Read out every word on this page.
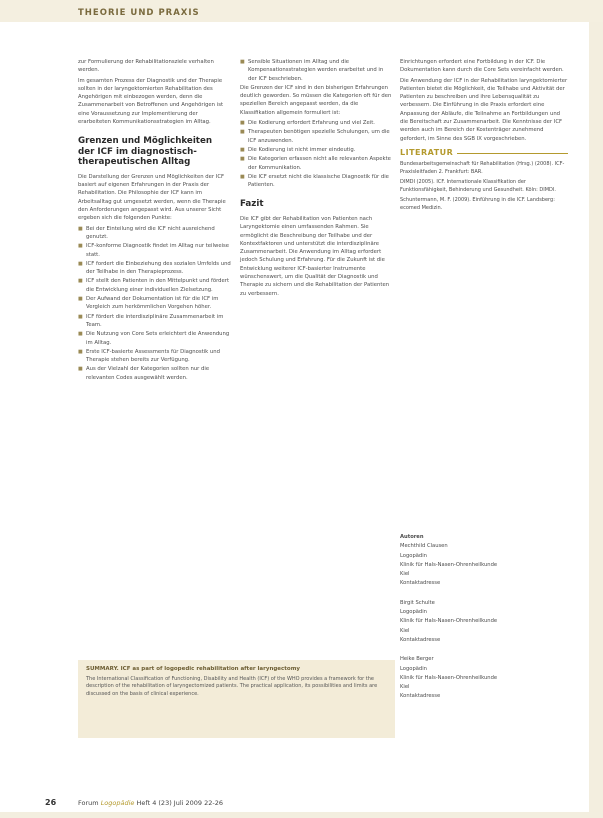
THEORIE UND PRAXIS

zur Formulierung der Rehabilitationsziele verhalten werden.

Im gesamten Prozess der Diagnostik und der Therapie sollten in der laryngektomierten Rehabilitation des Angehörigen mit einbezogen werden, denn die Zusammenarbeit von Betroffenen und Angehörigen ist eine Voraussetzung zur Implementierung der erarbeiteten Kommunikationsstrategien im Alltag.

Grenzen und Möglichkeiten der ICF im diagnostisch-therapeutischen Alltag

Die Darstellung der Grenzen und Möglichkeiten der ICF basiert auf eigenen Erfahrungen in der Praxis der Rehabilitation. Die Philosophie der ICF kann im Arbeitsalltag gut umgesetzt werden, wenn die Therapie den Anforderungen angepasst wird. Aus unserer Sicht ergeben sich die folgenden Punkte:

■ Bei der Einteilung wird die ICF nicht ausreichend genutzt.
■ ICF-konforme Diagnostik findet im Alltag nur teilweise statt.
■ ICF fordert die Einbeziehung des sozialen Umfelds und der Teilhabe in den Therapieprozess.
■ ICF stellt den Patienten in den Mittelpunkt und fördert die Entwicklung einer individuellen Zielsetzung.
■ Der Aufwand der Dokumentation ist für die ICF im Vergleich zum herkömmlichen Vorgehen höher.
■ ICF fördert die interdisziplinäre Zusammenarbeit im Team.
■ Die Nutzung von Core Sets erleichtert die Anwendung im Alltag.
■ Erste ICF-basierte Assessments für Diagnostik und Therapie stehen bereits zur Verfügung.
■ Aus der Vielzahl der Kategorien sollten nur die relevanten Codes ausgewählt werden.
■ Sensible Situationen im Alltag und die Kompensationsstrategien werden erarbeitet und in der ICF beschrieben.

Die Grenzen der ICF sind in den bisherigen Erfahrungen deutlich geworden. So müssen die Kategorien oft für den speziellen Bereich angepasst werden, da die Klassifikation allgemein formuliert ist:

■ Die Kodierung erfordert Erfahrung und viel Zeit.
■ Therapeuten benötigen spezielle Schulungen, um die ICF anzuwenden.
■ Die Kodierung ist nicht immer eindeutig.
■ Die Kategorien erfassen nicht alle relevanten Aspekte der Kommunikation.
■ Die ICF ersetzt nicht die klassische Diagnostik für die Patienten.
Fazit

Die ICF gibt der Rehabilitation von Patienten nach Laryngektomie einen umfassenden Rahmen. Sie ermöglicht die Beschreibung der Teilhabe und der Kontextfaktoren und unterstützt die interdisziplinäre Zusammenarbeit. Die Anwendung im Alltag erfordert jedoch Schulung und Erfahrung. Für die Zukunft ist die Entwicklung weiterer ICF-basierter Instrumente wünschenswert, um die Qualität der Diagnostik und Therapie zu sichern und die Rehabilitation der Patienten zu verbessern.

Einrichtungen erfordert eine Fortbildung in der ICF. Die Dokumentation kann durch die Core Sets vereinfacht werden.

Die Anwendung der ICF in der Rehabilitation laryngektomierter Patienten bietet die Möglichkeit, die Teilhabe und Aktivität der Patienten zu beschreiben und ihre Lebensqualität zu verbessern. Die Einführung in die Praxis erfordert eine Anpassung der Abläufe, die Teilnahme an Fortbildungen und die Bereitschaft zur Zusammenarbeit. Die Kenntnisse der ICF werden auch im Bereich der Kostenträger zunehmend gefordert, im Sinne des SGB IX vorgeschrieben.

LITERATUR

Bundesarbeitsgemeinschaft für Rehabilitation (Hrsg.) (2008). ICF-Praxisleitfaden 2. Frankfurt: BAR.

DIMDI (2005). ICF. Internationale Klassifikation der Funktionsfähigkeit, Behinderung und Gesundheit. Köln: DIMDI.

Schuntermann, M. F. (2009). Einführung in die ICF. Landsberg: ecomed Medizin.

Autoren

Mechthild Clausen

Logopädin

Klinik für Hals-Nasen-Ohrenheilkunde

Kiel

Kontaktadresse

Birgit Schulte

Logopädin

Klinik für Hals-Nasen-Ohrenheilkunde

Kiel

Kontaktadresse

Heike Berger

Logopädin

Klinik für Hals-Nasen-Ohrenheilkunde

Kiel

Kontaktadresse

SUMMARY. ICF as part of logopedic rehabilitation after laryngectomy
The International Classification of Functioning, Disability and Health (ICF) of the WHO provides a framework for the description of the rehabilitation of laryngectomized patients. The practical application, its possibilities and limits are discussed on the basis of clinical experience.
26	Forum Logopädie Heft 4 (23) Juli 2009 22-26
